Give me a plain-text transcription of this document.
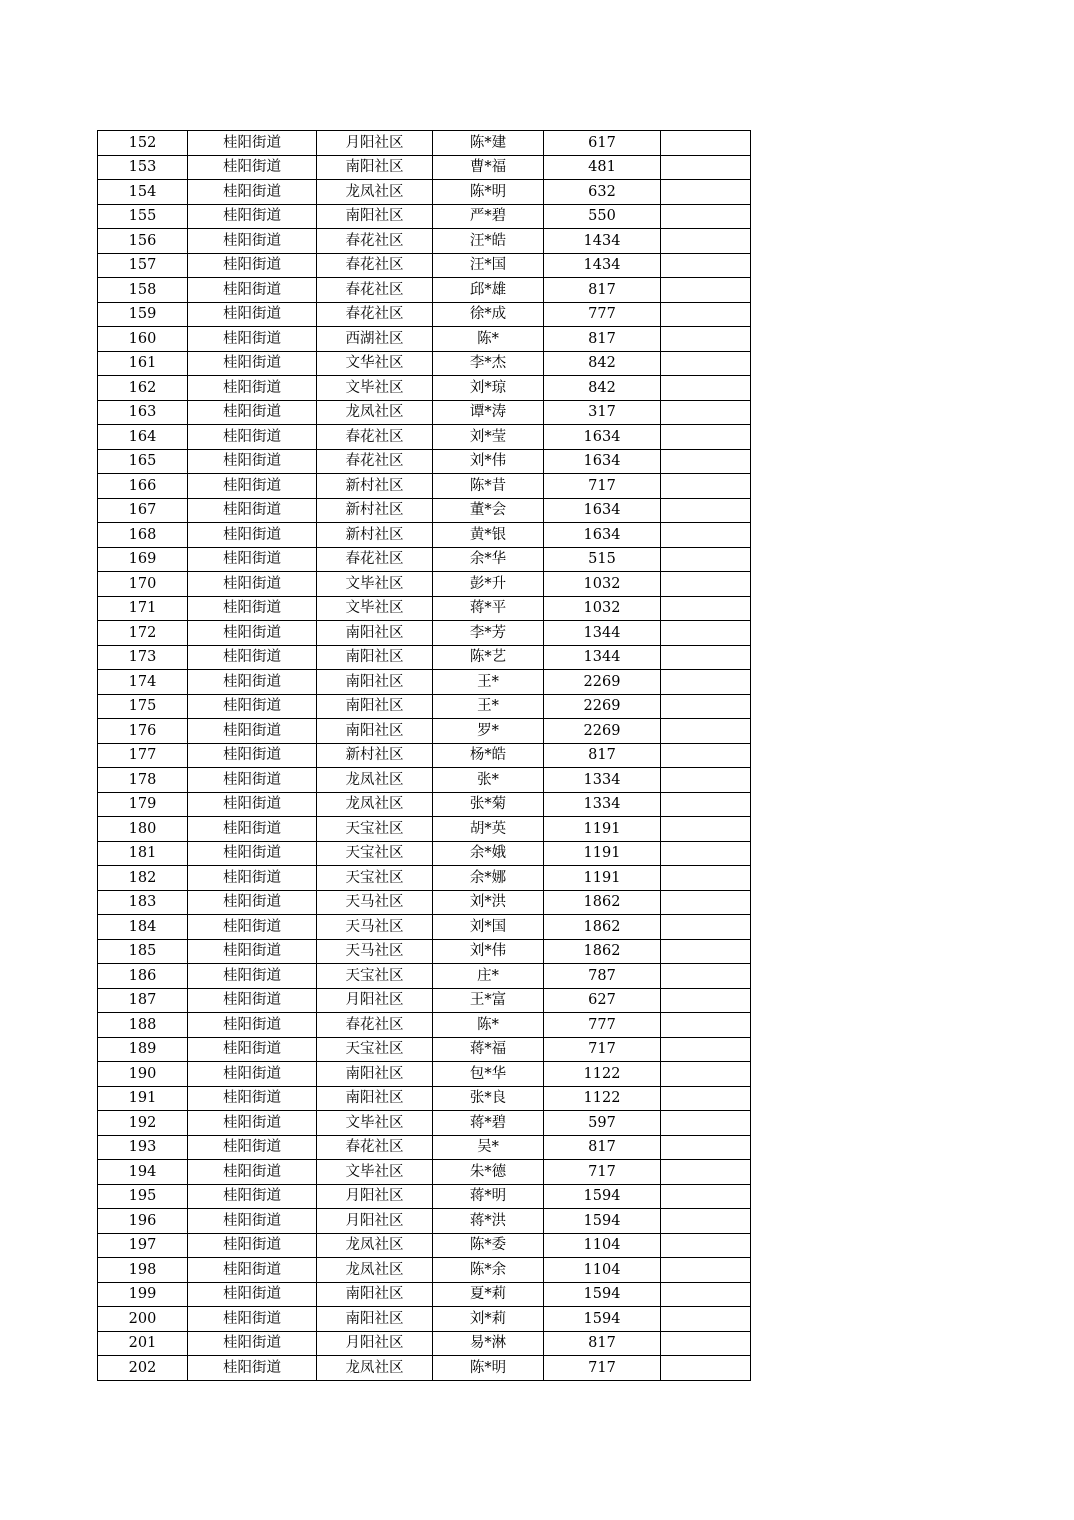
152	桂阳街道	月阳社区	陈*建	617	
153	桂阳街道	南阳社区	曹*福	481	
154	桂阳街道	龙凤社区	陈*明	632	
155	桂阳街道	南阳社区	严*碧	550	
156	桂阳街道	春花社区	汪*皓	1434	
157	桂阳街道	春花社区	汪*国	1434	
158	桂阳街道	春花社区	邱*雄	817	
159	桂阳街道	春花社区	徐*成	777	
160	桂阳街道	西湖社区	陈*	817	
161	桂阳街道	文华社区	李*杰	842	
162	桂阳街道	文毕社区	刘*琼	842	
163	桂阳街道	龙凤社区	谭*涛	317	
164	桂阳街道	春花社区	刘*莹	1634	
165	桂阳街道	春花社区	刘*伟	1634	
166	桂阳街道	新村社区	陈*昔	717	
167	桂阳街道	新村社区	董*会	1634	
168	桂阳街道	新村社区	黄*银	1634	
169	桂阳街道	春花社区	余*华	515	
170	桂阳街道	文毕社区	彭*升	1032	
171	桂阳街道	文毕社区	蒋*平	1032	
172	桂阳街道	南阳社区	李*芳	1344	
173	桂阳街道	南阳社区	陈*艺	1344	
174	桂阳街道	南阳社区	王*	2269	
175	桂阳街道	南阳社区	王*	2269	
176	桂阳街道	南阳社区	罗*	2269	
177	桂阳街道	新村社区	杨*皓	817	
178	桂阳街道	龙凤社区	张*	1334	
179	桂阳街道	龙凤社区	张*菊	1334	
180	桂阳街道	天宝社区	胡*英	1191	
181	桂阳街道	天宝社区	余*娥	1191	
182	桂阳街道	天宝社区	余*娜	1191	
183	桂阳街道	天马社区	刘*洪	1862	
184	桂阳街道	天马社区	刘*国	1862	
185	桂阳街道	天马社区	刘*伟	1862	
186	桂阳街道	天宝社区	庄*	787	
187	桂阳街道	月阳社区	王*富	627	
188	桂阳街道	春花社区	陈*	777	
189	桂阳街道	天宝社区	蒋*福	717	
190	桂阳街道	南阳社区	包*华	1122	
191	桂阳街道	南阳社区	张*良	1122	
192	桂阳街道	文毕社区	蒋*碧	597	
193	桂阳街道	春花社区	吴*	817	
194	桂阳街道	文毕社区	朱*德	717	
195	桂阳街道	月阳社区	蒋*明	1594	
196	桂阳街道	月阳社区	蒋*洪	1594	
197	桂阳街道	龙凤社区	陈*委	1104	
198	桂阳街道	龙凤社区	陈*余	1104	
199	桂阳街道	南阳社区	夏*莉	1594	
200	桂阳街道	南阳社区	刘*莉	1594	
201	桂阳街道	月阳社区	易*淋	817	
202	桂阳街道	龙凤社区	陈*明	717	
